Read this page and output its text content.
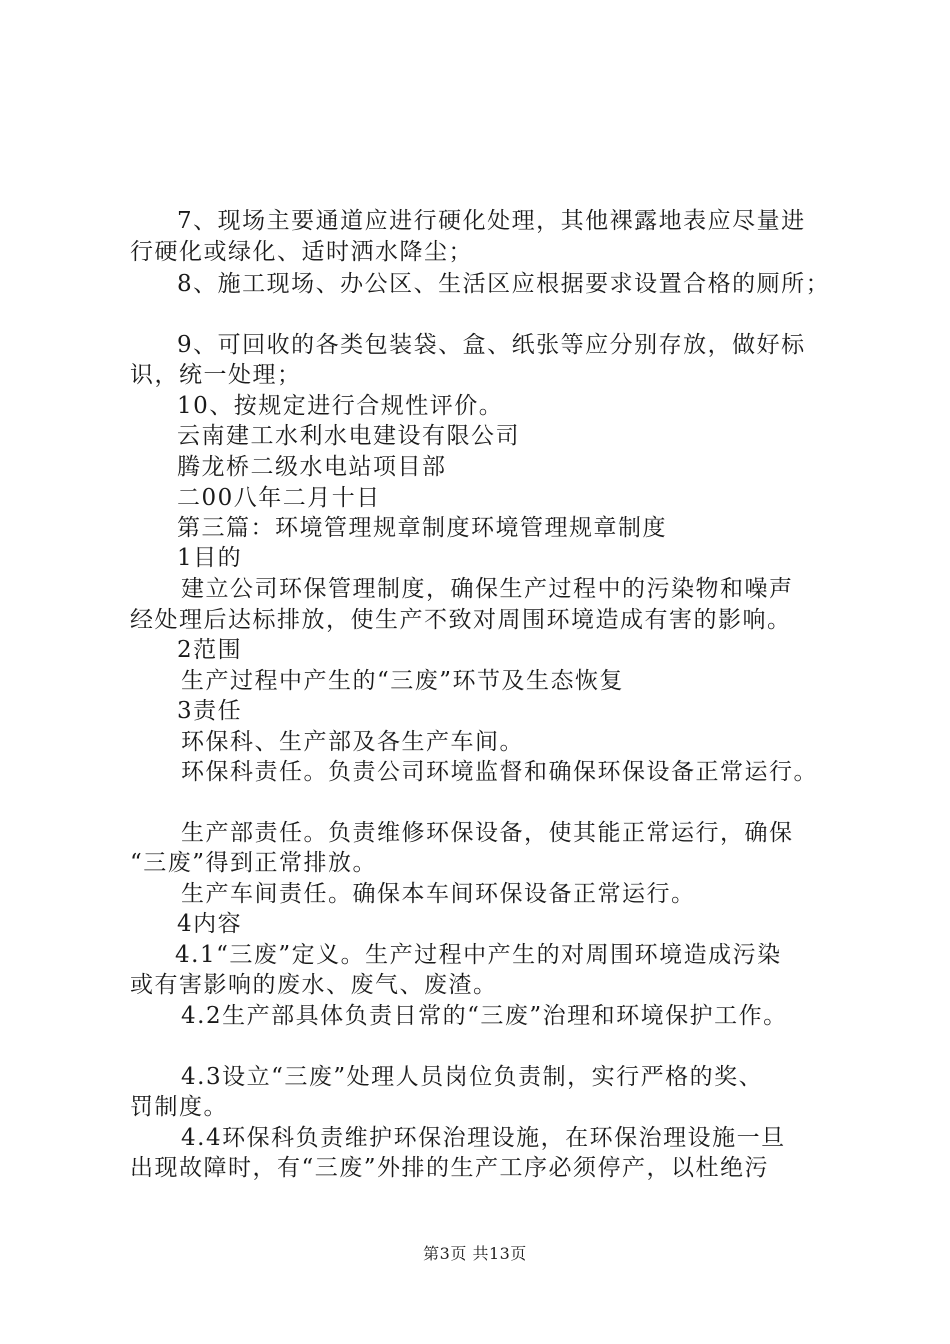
7、现场主要通道应进行硬化处理，其他裸露地表应尽量进
行硬化或绿化、适时洒水降尘；
8、施工现场、办公区、生活区应根据要求设置合格的厕所；
9、可回收的各类包装袋、盒、纸张等应分别存放，做好标
识，统一处理；
10、按规定进行合规性评价。
云南建工水利水电建设有限公司
腾龙桥二级水电站项目部
二00八年二月十日
第三篇：环境管理规章制度环境管理规章制度
1目的
建立公司环保管理制度，确保生产过程中的污染物和噪声
经处理后达标排放，使生产不致对周围环境造成有害的影响。
2范围
生产过程中产生的“三废”环节及生态恢复
3责任
环保科、生产部及各生产车间。
环保科责任。负责公司环境监督和确保环保设备正常运行。
生产部责任。负责维修环保设备，使其能正常运行，确保
“三废”得到正常排放。
生产车间责任。确保本车间环保设备正常运行。
4内容
4.1“三废”定义。生产过程中产生的对周围环境造成污染
或有害影响的废水、废气、废渣。
4.2生产部具体负责日常的“三废”治理和环境保护工作。
4.3设立“三废”处理人员岗位负责制，实行严格的奖、
罚制度。
4.4环保科负责维护环保治理设施，在环保治理设施一旦
出现故障时，有“三废”外排的生产工序必须停产，以杜绝污
第3页 共13页
